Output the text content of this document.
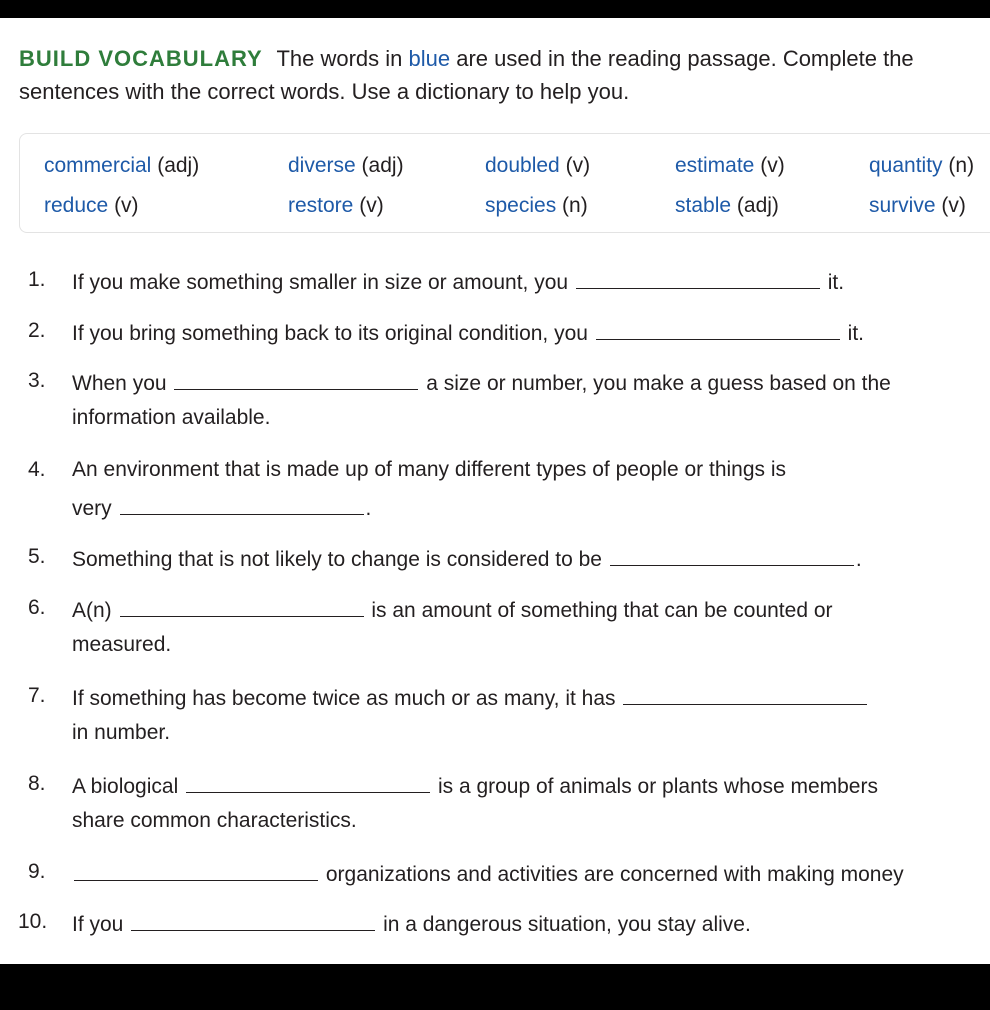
BUILD VOCABULARY The words in blue are used in the reading passage. Complete the
sentences with the correct words. Use a dictionary to help you.

commercial (adj)	diverse (adj)	doubled (v)	estimate (v)	quantity (n)
reduce (v)	restore (v)	species (n)	stable (adj)	survive (v)
1. If you make something smaller in size or amount, you	it.
2. If you bring something back to its original condition, you	it.
3. When you	a size or number, you make a guess based on the
information available.
4. An environment that is made up of many different types of people or things is
very	.
5. Something that is not likely to change is considered to be	.
6. A(n)	is an amount of something that can be counted or
measured.
7. If something has become twice as much or as many, it has
in number.
8. A biological	is a group of animals or plants whose members
share common characteristics.
9.	organizations and activities are concerned with making money
10. If you	in a dangerous situation, you stay alive.
